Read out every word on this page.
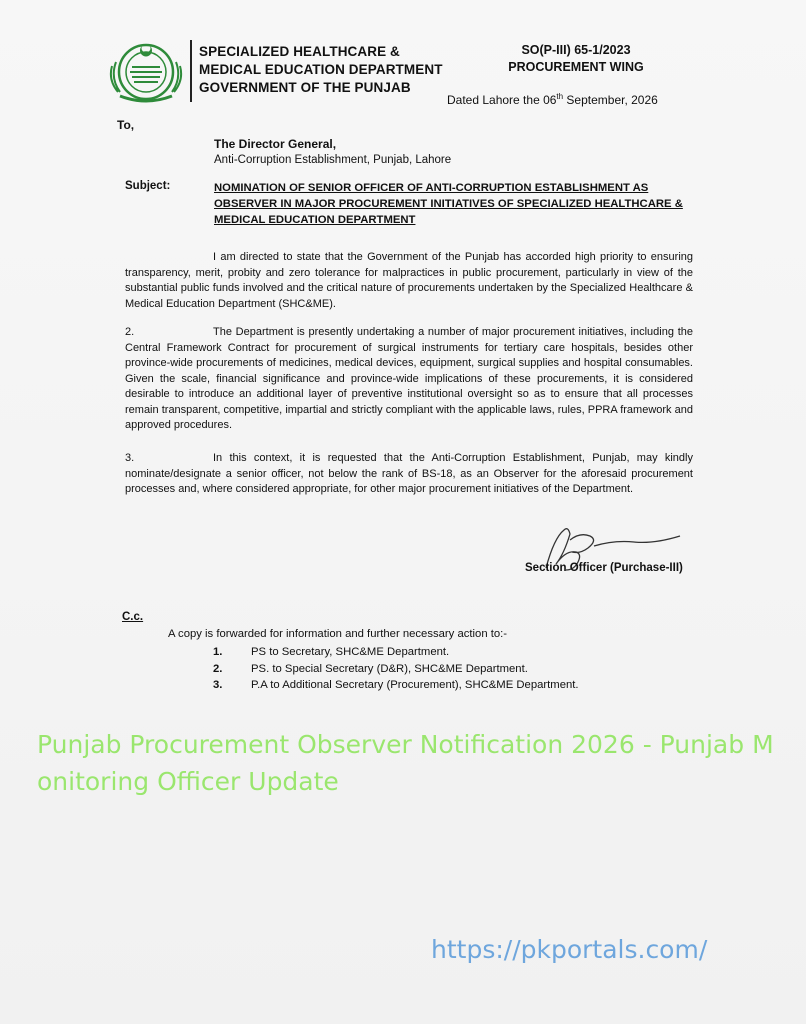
SPECIALIZED HEALTHCARE &
MEDICAL EDUCATION DEPARTMENT
GOVERNMENT OF THE PUNJAB
SO(P-III) 65-1/2023
PROCUREMENT WING
Dated Lahore the 06th September, 2026
To,
The Director General,
Anti-Corruption Establishment, Punjab, Lahore
Subject:	NOMINATION OF SENIOR OFFICER OF ANTI-CORRUPTION ESTABLISHMENT AS OBSERVER IN MAJOR PROCUREMENT INITIATIVES OF SPECIALIZED HEALTHCARE & MEDICAL EDUCATION DEPARTMENT
I am directed to state that the Government of the Punjab has accorded high priority to ensuring transparency, merit, probity and zero tolerance for malpractices in public procurement, particularly in view of the substantial public funds involved and the critical nature of procurements undertaken by the Specialized Healthcare & Medical Education Department (SHC&ME).
2.	The Department is presently undertaking a number of major procurement initiatives, including the Central Framework Contract for procurement of surgical instruments for tertiary care hospitals, besides other province-wide procurements of medicines, medical devices, equipment, surgical supplies and hospital consumables. Given the scale, financial significance and province-wide implications of these procurements, it is considered desirable to introduce an additional layer of preventive institutional oversight so as to ensure that all processes remain transparent, competitive, impartial and strictly compliant with the applicable laws, rules, PPRA framework and approved procedures.
3.	In this context, it is requested that the Anti-Corruption Establishment, Punjab, may kindly nominate/designate a senior officer, not below the rank of BS-18, as an Observer for the aforesaid procurement processes and, where considered appropriate, for other major procurement initiatives of the Department.
Section Officer (Purchase-III)
C.c.
A copy is forwarded for information and further necessary action to:-
1.	PS to Secretary, SHC&ME Department.
2.	PS. to Special Secretary (D&R), SHC&ME Department.
3.	P.A to Additional Secretary (Procurement), SHC&ME Department.
Punjab Procurement Observer Notification 2026 - Punjab Monitoring Officer Update
https://pkportals.com/
